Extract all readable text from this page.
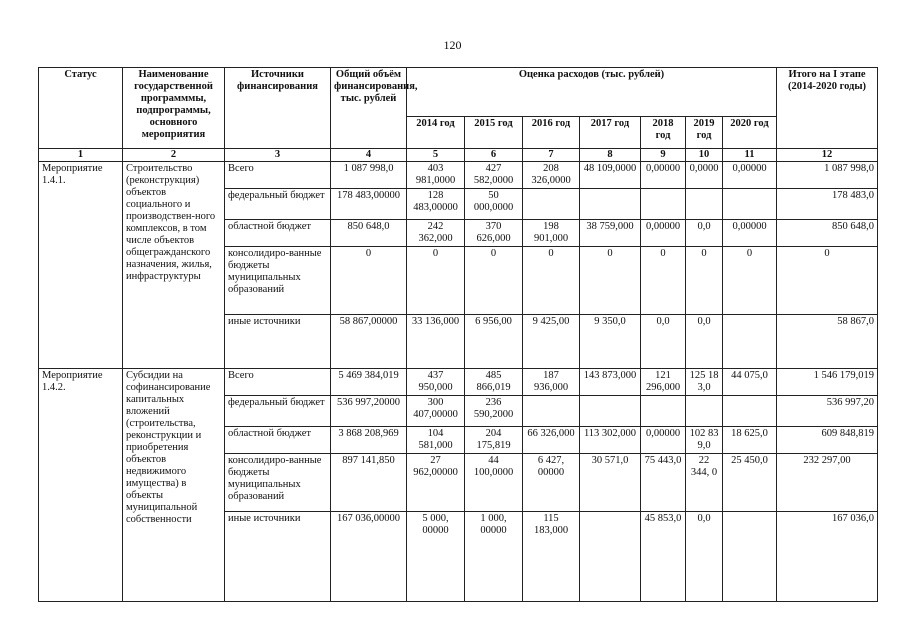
120
Статус	Наименование государственной программмы, подпрограммы, основного мероприятия	Источники финансирования	Общий объём финансирования, тыс. рублей	Оценка расходов (тыс. рублей)							Итого на I этапе (2014-2020 годы)
				2014 год	2015 год	2016 год	2017 год	2018 год	2019 год	2020 год	
1	2	3	4	5	6	7	8	9	10	11	12
Мероприятие 1.4.1.	Строительство (реконструкция) объектов социального и производствен-ного комплексов, в том числе объектов общегражданского назначения, жилья, инфраструктуры	Всего	1 087 998,0	403 981,0000	427 582,0000	208 326,0000	48 109,0000	0,00000	0,0000	0,00000	1 087 998,0
		федеральный бюджет	178 483,00000	128 483,00000	50 000,0000						178 483,0
		областной бюджет	850 648,0	242 362,000	370 626,000	198 901,000	38 759,000	0,00000	0,0	0,00000	850 648,0
		консолидиро-ванные бюджеты муниципальных образований	0	0	0	0	0	0	0	0	0
		иные источники	58 867,00000	33 136,000	6 956,00	9 425,00	9 350,0	0,0	0,0		58 867,0
Мероприятие 1.4.2.	Субсидии на софинансирование капитальных вложений (строительства, реконструкции и приобретения объектов недвижимого имущества) в объекты муниципальной собственности	Всего	5 469 384,019	437 950,000	485 866,019	187 936,000	143 873,000	121 296,000	125 18 3,0	44 075,0	1 546 179,019
		федеральный бюджет	536 997,20000	300 407,00000	236 590,2000						536 997,20
		областной бюджет	3 868 208,969	104 581,000	204 175,819	66 326,000	113 302,000	0,00000	102 83 9,0	18 625,0	609 848,819
		консолидиро-ванные бюджеты муниципальных образований	897 141,850	27 962,00000	44 100,0000	6 427, 00000	30 571,0	75 443,0	22 344, 0	25 450,0	232 297,00
		иные источники	167 036,00000	5 000, 00000	1 000, 00000	115 183,000		45 853,0	0,0		167 036,0
